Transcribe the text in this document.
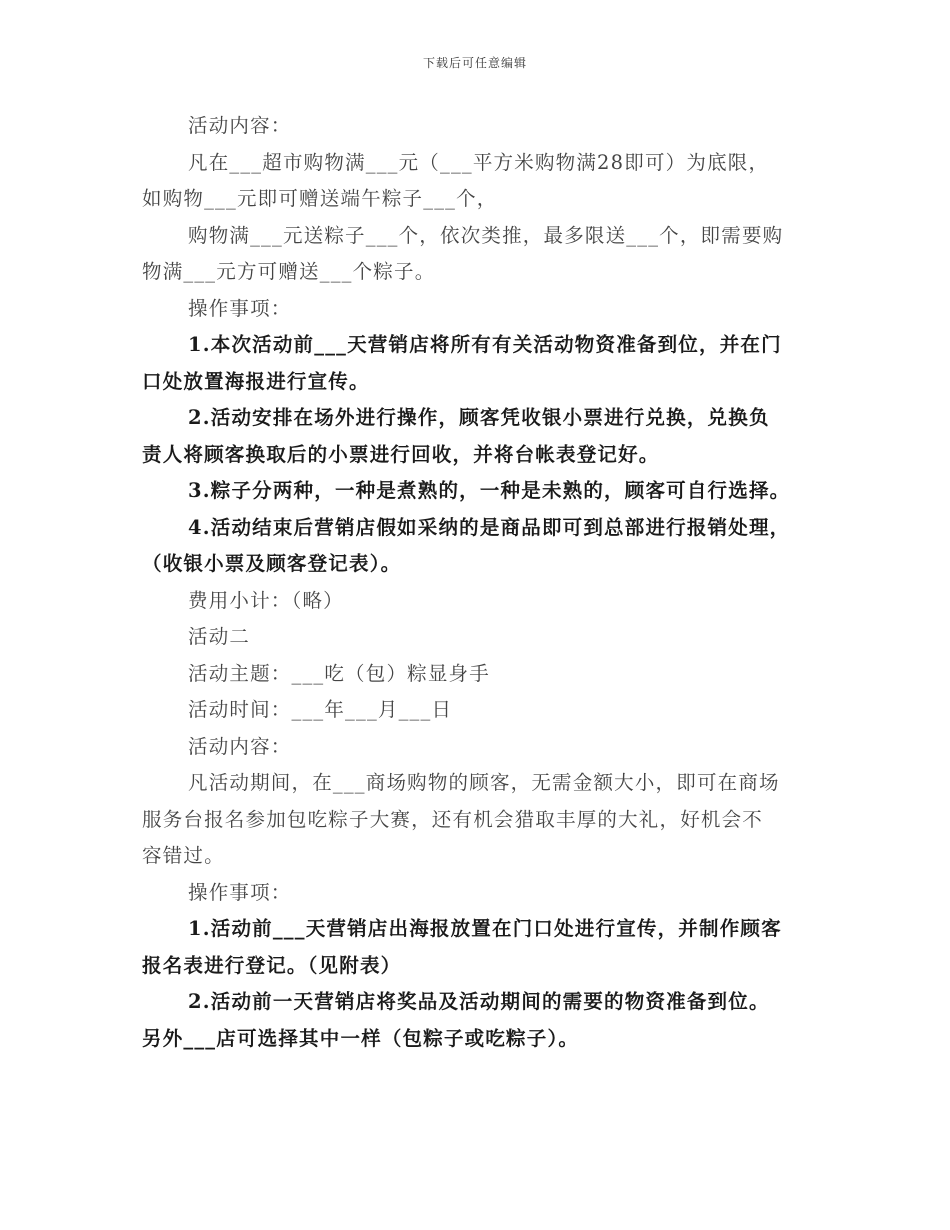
下载后可任意编辑
活动内容：
凡在___超市购物满___元（___平方米购物满28即可）为底限，
如购物___元即可赠送端午粽子___个，
购物满___元送粽子___个，依次类推，最多限送___个，即需要购
物满___元方可赠送___个粽子。
操作事项：
1.本次活动前___天营销店将所有有关活动物资准备到位，并在门
口处放置海报进行宣传。
2.活动安排在场外进行操作，顾客凭收银小票进行兑换，兑换负
责人将顾客换取后的小票进行回收，并将台帐表登记好。
3.粽子分两种，一种是煮熟的，一种是未熟的，顾客可自行选择。
4.活动结束后营销店假如采纳的是商品即可到总部进行报销处理，
（收银小票及顾客登记表）。
费用小计：（略）
活动二
活动主题：___吃（包）粽显身手
活动时间：___年___月___日
活动内容：
凡活动期间，在___商场购物的顾客，无需金额大小，即可在商场
服务台报名参加包吃粽子大赛，还有机会猎取丰厚的大礼，好机会不
容错过。
操作事项：
1.活动前___天营销店出海报放置在门口处进行宣传，并制作顾客
报名表进行登记。（见附表）
2.活动前一天营销店将奖品及活动期间的需要的物资准备到位。
另外___店可选择其中一样（包粽子或吃粽子）。
